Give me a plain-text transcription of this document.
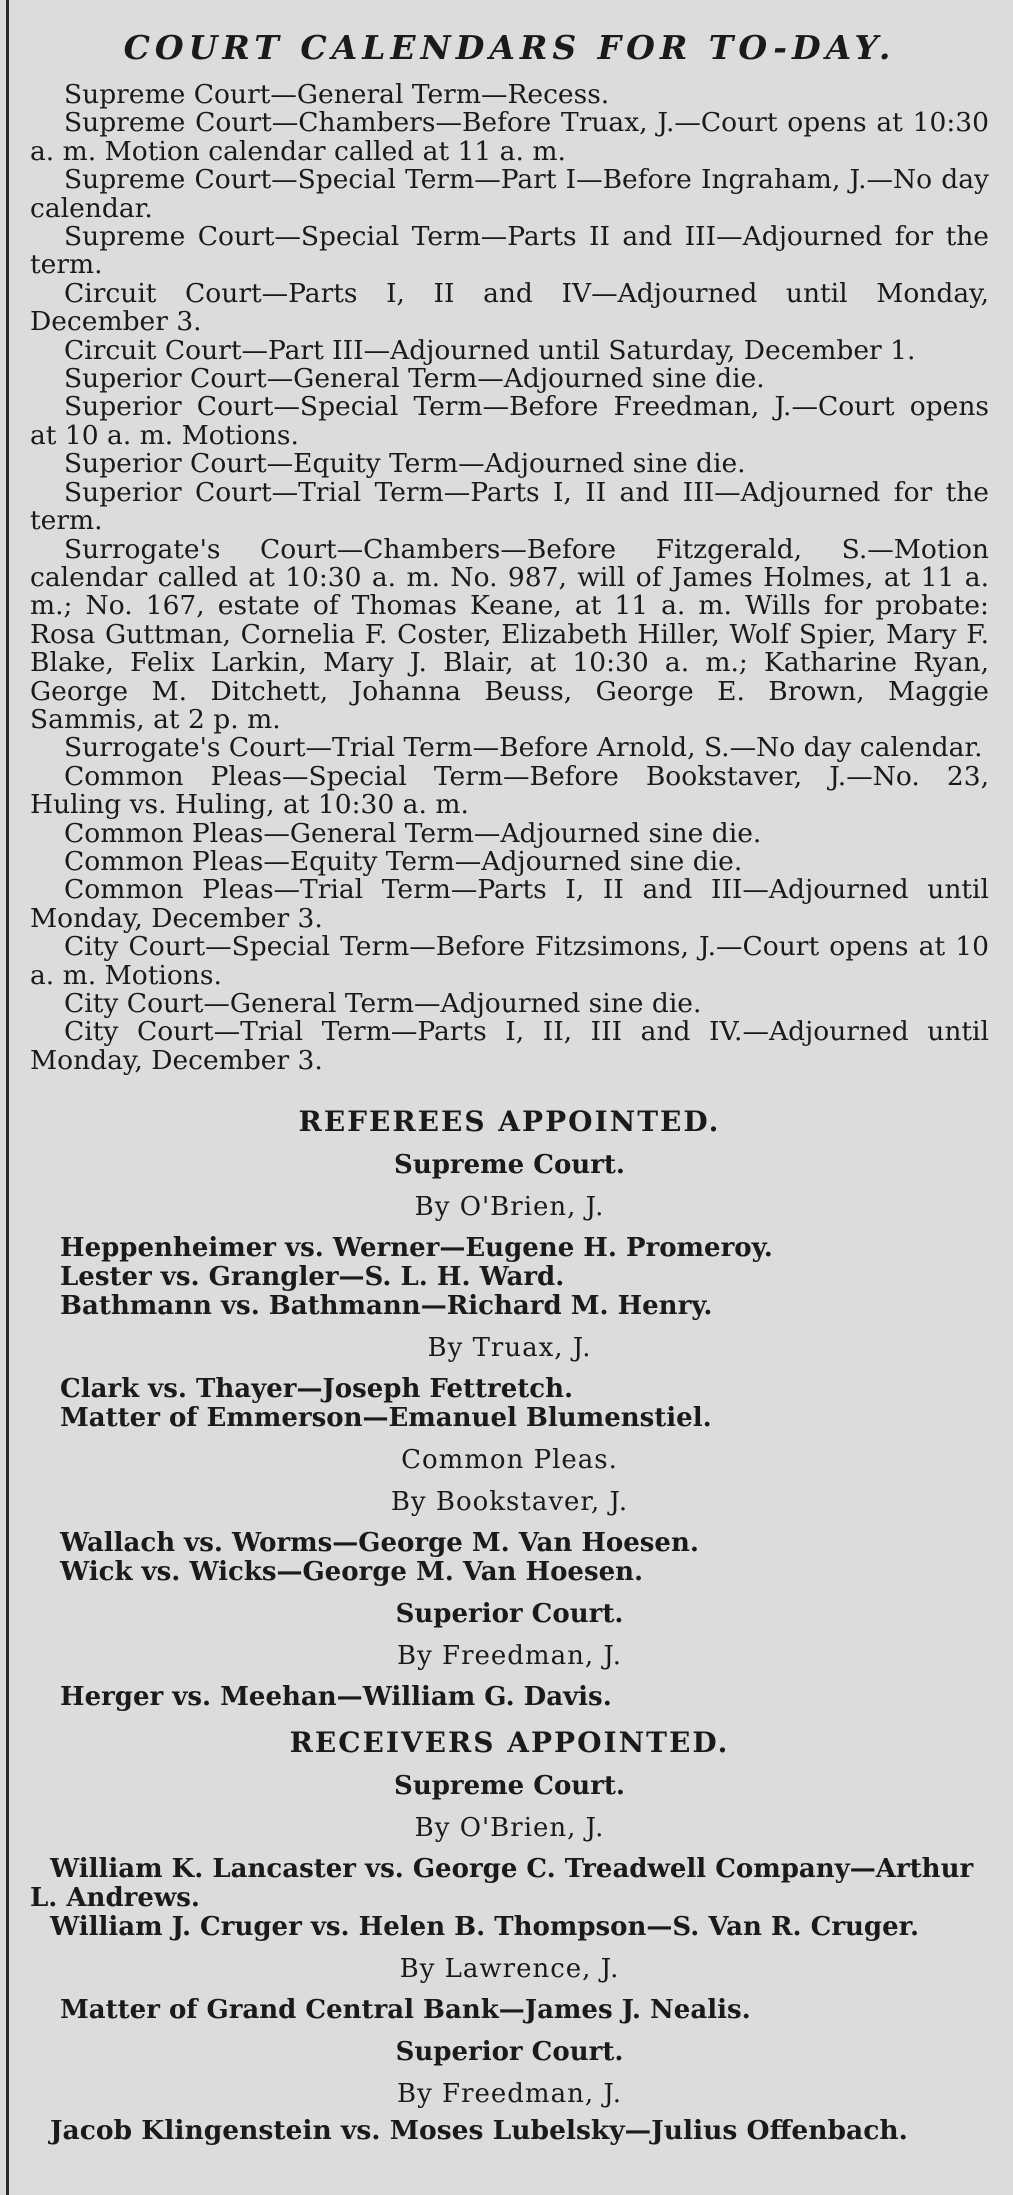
COURT CALENDARS FOR TO-DAY.

Supreme Court—General Term—Recess.

Supreme Court—Chambers—Before Truax, J.—Court opens at 10:30 a. m. Motion calendar called at 11 a. m.

Supreme Court—Special Term—Part I—Before Ingraham, J.—No day calendar.

Supreme Court—Special Term—Parts II and III—Adjourned for the term.

Circuit Court—Parts I, II and IV—Adjourned until Monday, December 3.

Circuit Court—Part III—Adjourned until Saturday, December 1.

Superior Court—General Term—Adjourned sine die.

Superior Court—Special Term—Before Freedman, J.—Court opens at 10 a. m. Motions.

Superior Court—Equity Term—Adjourned sine die.

Superior Court—Trial Term—Parts I, II and III—Adjourned for the term.

Surrogate's Court—Chambers—Before Fitzgerald, S.—Motion calendar called at 10:30 a. m. No. 987, will of James Holmes, at 11 a. m.; No. 167, estate of Thomas Keane, at 11 a. m. Wills for probate: Rosa Guttman, Cornelia F. Coster, Elizabeth Hiller, Wolf Spier, Mary F. Blake, Felix Larkin, Mary J. Blair, at 10:30 a. m.; Katharine Ryan, George M. Ditchett, Johanna Beuss, George E. Brown, Maggie Sammis, at 2 p. m.

Surrogate's Court—Trial Term—Before Arnold, S.—No day calendar.

Common Pleas—Special Term—Before Bookstaver, J.—No. 23, Huling vs. Huling, at 10:30 a. m.

Common Pleas—General Term—Adjourned sine die.

Common Pleas—Equity Term—Adjourned sine die.

Common Pleas—Trial Term—Parts I, II and III—Adjourned until Monday, December 3.

City Court—Special Term—Before Fitzsimons, J.—Court opens at 10 a. m. Motions.

City Court—General Term—Adjourned sine die.

City Court—Trial Term—Parts I, II, III and IV.—Adjourned until Monday, December 3.

REFEREES APPOINTED.
Supreme Court.
By O'Brien, J.
Heppenheimer vs. Werner—Eugene H. Promeroy.
Lester vs. Grangler—S. L. H. Ward.
Bathmann vs. Bathmann—Richard M. Henry.
By Truax, J.
Clark vs. Thayer—Joseph Fettretch.
Matter of Emmerson—Emanuel Blumenstiel.
Common Pleas.
By Bookstaver, J.
Wallach vs. Worms—George M. Van Hoesen.
Wick vs. Wicks—George M. Van Hoesen.
Superior Court.
By Freedman, J.
Herger vs. Meehan—William G. Davis.
RECEIVERS APPOINTED.
Supreme Court.
By O'Brien, J.
William K. Lancaster vs. George C. Treadwell Company—Arthur L. Andrews.
William J. Cruger vs. Helen B. Thompson—S. Van R. Cruger.
By Lawrence, J.
Matter of Grand Central Bank—James J. Nealis.
Superior Court.
By Freedman, J.
Jacob Klingenstein vs. Moses Lubelsky—Julius Offenbach.
